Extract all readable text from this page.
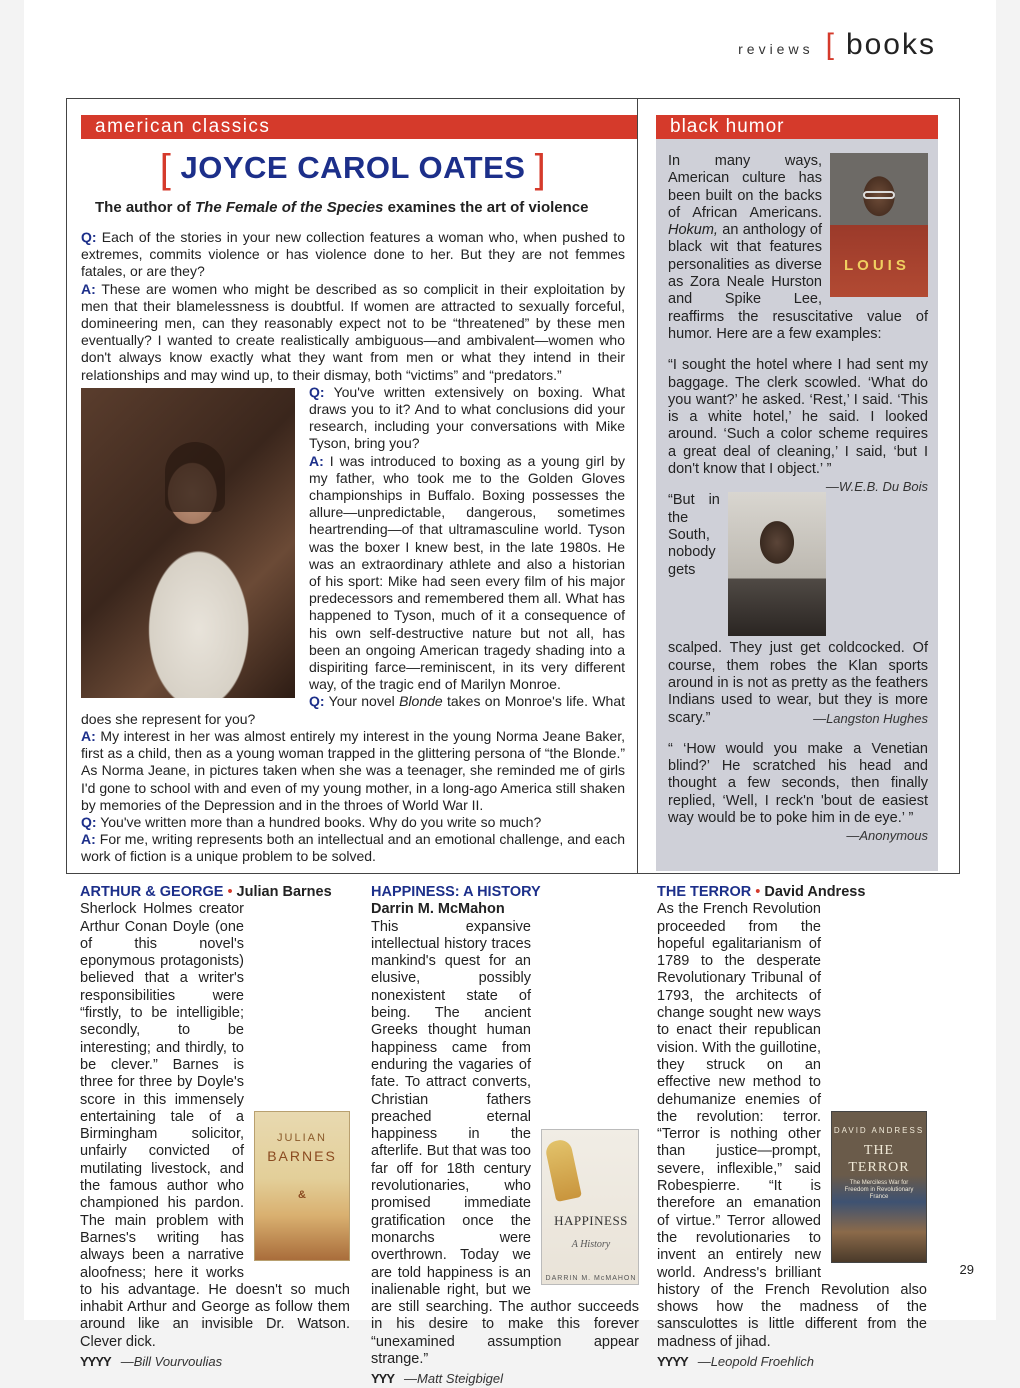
reviews [ books
american classics
[ JOYCE CAROL OATES ]
The author of The Female of the Species examines the art of violence

Q: Each of the stories in your new collection features a woman who, when pushed to extremes, commits violence or has violence done to her. But they are not femmes fatales, or are they?

A: These are women who might be described as so complicit in their exploitation by men that their blamelessness is doubtful. If women are attracted to sexually forceful, domineering men, can they reasonably expect not to be “threatened” by these men eventually? I wanted to create realistically ambiguous—and ambivalent—women who don't always know exactly what they want from men or what they intend in their relationships and may wind up, to their dismay, both “victims” and “predators.”

Q: You've written extensively on boxing. What draws you to it? And to what conclusions did your research, including your conversations with Mike Tyson, bring you?

A: I was introduced to boxing as a young girl by my father, who took me to the Golden Gloves championships in Buffalo. Boxing possesses the allure—unpredictable, dangerous, sometimes heartrending—of that ultramasculine world. Tyson was the boxer I knew best, in the late 1980s. He was an extraordinary athlete and also a historian of his sport: Mike had seen every film of his major predecessors and remembered them all. What has happened to Tyson, much of it a consequence of his own self-destructive nature but not all, has been an ongoing American tragedy shading into a dispiriting farce—reminiscent, in its very different way, of the tragic end of Marilyn Monroe.

Q: Your novel Blonde takes on Monroe's life. What does she represent for you?

A: My interest in her was almost entirely my interest in the young Norma Jeane Baker, first as a child, then as a young woman trapped in the glittering persona of “the Blonde.” As Norma Jeane, in pictures taken when she was a teenager, she reminded me of girls I'd gone to school with and even of my young mother, in a long-ago America still shaken by memories of the Depression and in the throes of World War II.

Q: You've written more than a hundred books. Why do you write so much?

A: For me, writing represents both an intellectual and an emotional challenge, and each work of fiction is a unique problem to be solved.

black humor

LOUIS
In many ways, American culture has been built on the backs of African Americans. Hokum, an anthology of black wit that features personalities as diverse as Zora Neale Hurston and Spike Lee, reaffirms the resuscitative value of humor. Here are a few examples:

“I sought the hotel where I had sent my baggage. The clerk scowled. ‘What do you want?’ he asked. ‘Rest,’ I said. ‘This is a white hotel,’ he said. I looked around. ‘Such a color scheme requires a great deal of cleaning,’ I said, ‘but I don't know that I object.’ ”
—W.E.B. Du Bois

“But in the South, nobody gets scalped. They just get coldcocked. Of course, them robes the Klan sports around in is not as pretty as the feathers Indians used to wear, but they is more scary.”	—Langston Hughes

“ ‘How would you make a Venetian blind?’ He scratched his head and thought a few seconds, then finally replied, ‘Well, I reck'n 'bout de easiest way would be to poke him in de eye.’ ”
—Anonymous

ARTHUR & GEORGE • Julian Barnes
JULIAN
BARNES
&

Sherlock Holmes creator Arthur Conan Doyle (one of this novel's eponymous protagonists) believed that a writer's responsibilities were “firstly, to be intelligible; secondly, to be interesting; and thirdly, to be clever.” Barnes is three for three by Doyle's score in this immensely entertaining tale of a Birmingham solicitor, unfairly convicted of mutilating livestock, and the famous author who championed his pardon. The main problem with Barnes's writing has always been a narrative aloofness; here it works to his advantage. He doesn't so much inhabit Arthur and George as follow them around like an invisible Dr. Watson. Clever dick.

YYYY —Bill Vourvoulias
HAPPINESS: A HISTORY
Darrin M. McMahon
HAPPINESS
A History
DARRIN M. McMAHON

This expansive intellectual history traces mankind's quest for an elusive, possibly nonexistent state of being. The ancient Greeks thought human happiness came from enduring the vagaries of fate. To attract converts, Christian fathers preached eternal happiness in the afterlife. But that was too far off for 18th century revolutionaries, who promised immediate gratification once the monarchs were overthrown. Today we are told happiness is an inalienable right, but we are still searching. The author succeeds in his desire to make this forever “unexamined assumption appear strange.”

YYY —Matt Steigbigel
THE TERROR • David Andress
DAVID ANDRESS
THE TERROR
The Merciless War for Freedom in Revolutionary France

As the French Revolution proceeded from the hopeful egalitarianism of 1789 to the desperate Revolutionary Tribunal of 1793, the architects of change sought new ways to enact their republican vision. With the guillotine, they struck on an effective new method to dehumanize enemies of the revolution: terror. “Terror is nothing other than justice—prompt, severe, inflexible,” said Robespierre. “It is therefore an emanation of virtue.” Terror allowed the revolutionaries to invent an entirely new world. Andress's brilliant history of the French Revolution also shows how the madness of the sansculottes is little different from the madness of jihad.

YYYY —Leopold Froehlich
29
